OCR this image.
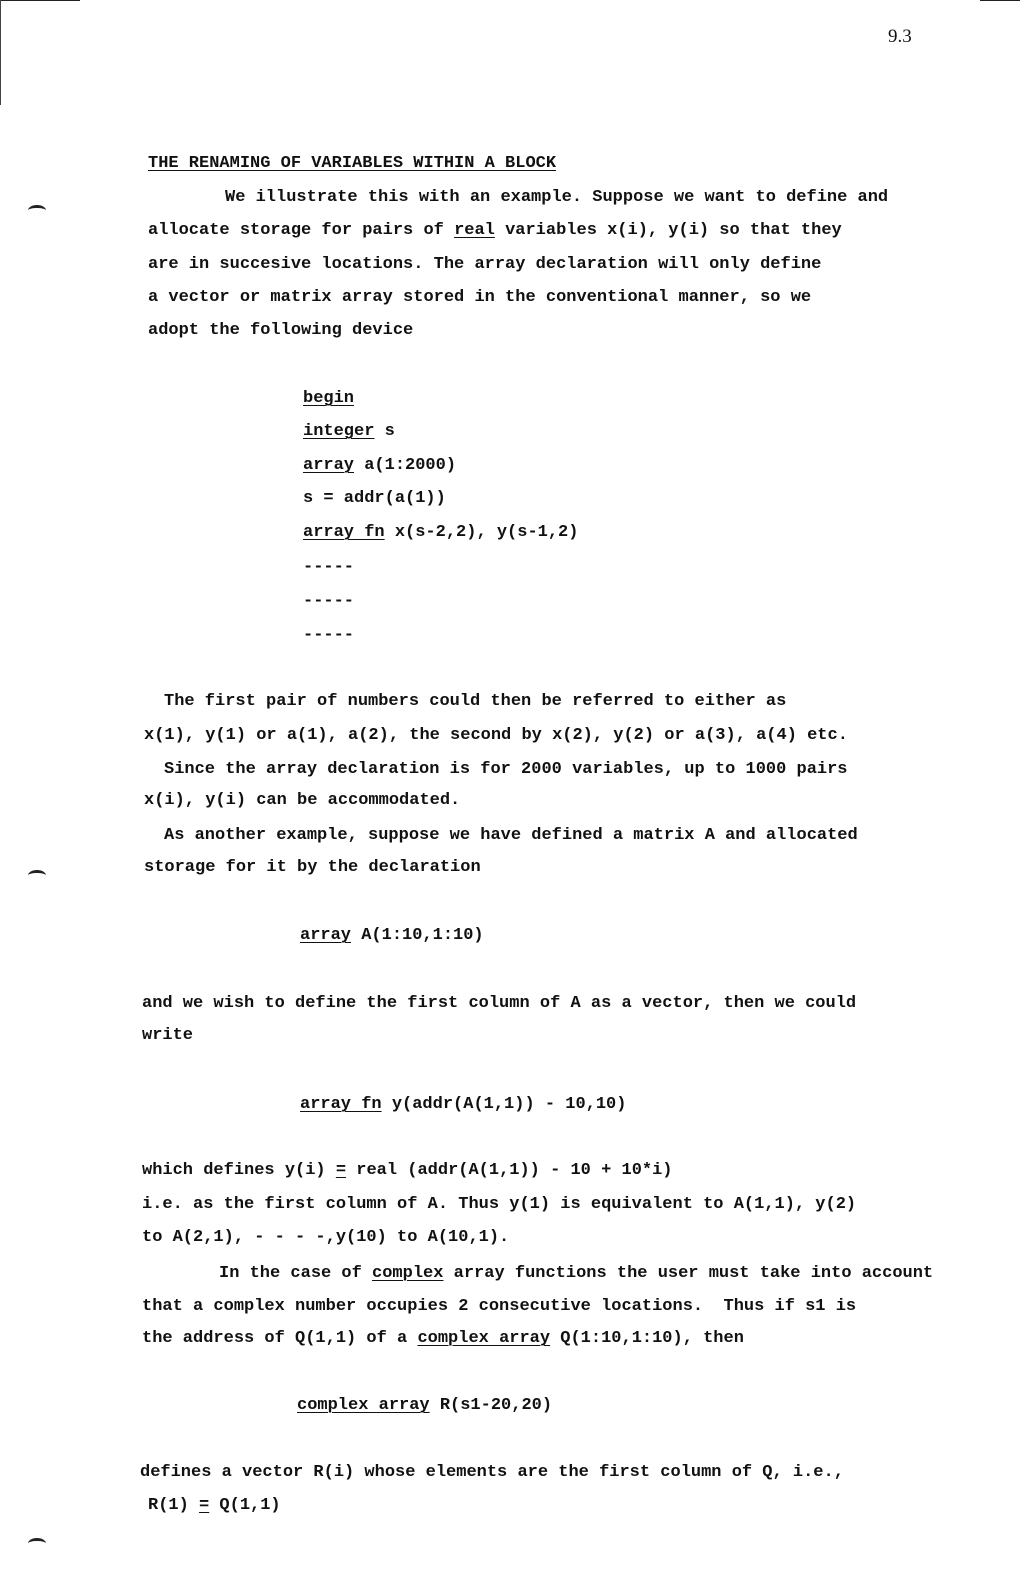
9.3
THE RENAMING OF VARIABLES WITHIN A BLOCK
We illustrate this with an example. Suppose we want to define and
allocate storage for pairs of real variables x(i), y(i) so that they
are in succesive locations. The array declaration will only define
a vector or matrix array stored in the conventional manner, so we
adopt the following device
begin
integer s
array a(1:2000)
s = addr(a(1))
array fn x(s-2,2), y(s-1,2)
-----
-----
-----
The first pair of numbers could then be referred to either as
x(1), y(1) or a(1), a(2), the second by x(2), y(2) or a(3), a(4) etc.
Since the array declaration is for 2000 variables, up to 1000 pairs
x(i), y(i) can be accommodated.
As another example, suppose we have defined a matrix A and allocated
storage for it by the declaration
array A(1:10,1:10)
and we wish to define the first column of A as a vector, then we could
write
array fn y(addr(A(1,1)) - 10,10)
which defines y(i) = real (addr(A(1,1)) - 10 + 10*i)
i.e. as the first column of A. Thus y(1) is equivalent to A(1,1), y(2)
to A(2,1), - - - -,y(10) to A(10,1).
In the case of complex array functions the user must take into account
that a complex number occupies 2 consecutive locations.  Thus if s1 is
the address of Q(1,1) of a complex array Q(1:10,1:10), then
complex array R(s1-20,20)
defines a vector R(i) whose elements are the first column of Q, i.e.,
R(1) = Q(1,1)
